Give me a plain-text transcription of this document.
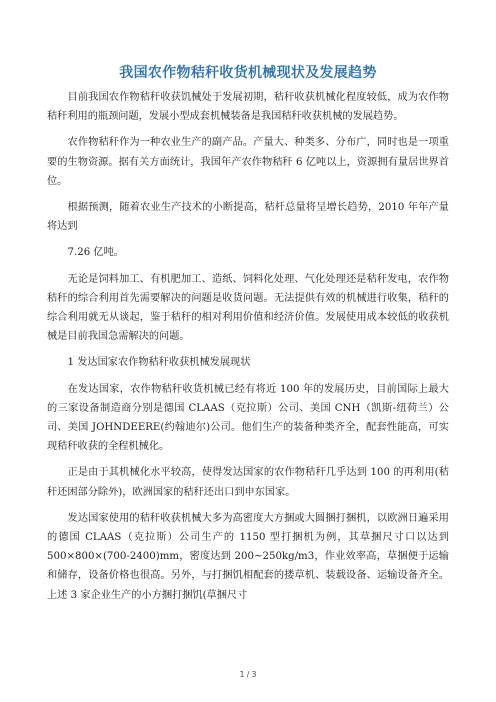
我国农作物秸秆收货机械现状及发展趋势

目前我国农作物秸秆收获饥械处于发展初期，秸秆收获机械化程度较低，成为农作物秸秆利用的瓶颈问题，发展小型成套机械装备是我国秸秆收获机械的发展趋势。

农作物秸秆作为一种农业生产的副产品。产量大、种类多、分布广，同时也是一项重要的生物资源。据有关方面统计，我国年产农作物秸秆 6 亿吨以上，资源拥有量居世界首位。

根据预测，随着农业生产技术的小断提高，秸杆总量将呈增长趋势，2010 年年产量将达到

7.26 亿吨。

无论是饲料加工、有机肥加工、造纸、饲料化处理、气化处理还是秸秆发电，农作物秸秆的综合利用首先需要解决的问题是收货问题。无法提供有效的机械进行收集，秸秆的综合利用就无从谈起，鉴于秸秆的相对利用价值和经济价值。发展使用成本较低的收获机械是目前我国急需解决的问题。

1 发达国家农作物秸秆收获机械发展现状

在发达国家，农作物秸秆收货机械已经有将近 100 年的发展历史，目前国际上最大的三家设备制造商分别是德国 CLAAS（克拉斯）公司、美国 CNH（凯斯-纽荷兰）公司、美国 JOHNDEERE(约翰迪尔)公司。他们生产的装备种类齐全，配套性能高，可实现秸秆收获的全程机械化。

正是由于其机械化水平较高，使得发达国家的农作物秸秆几乎达到 100 的再利用(秸秆还困部分除外)，欧洲国家的秸秆还出口到申东国家。

发达国家使用的秸秆收获机械大多为高密度大方捆或大圆捆打捆机，以欧洲日遍采用的德国 CLAAS（克拉斯）公司生产的 1150 型打捆机为例，其草捆尺寸口以达到 500×800×(700-2400)mm，密度达到 200~250kg/m3，作业效率高，草捆便于运输和储存，设备价格也很高。另外，与打捆饥相配套的搂草机、装载设备、运输设备齐全。上述 3 家企业生产的小方捆打捆饥(草捆尺寸

1 / 3
